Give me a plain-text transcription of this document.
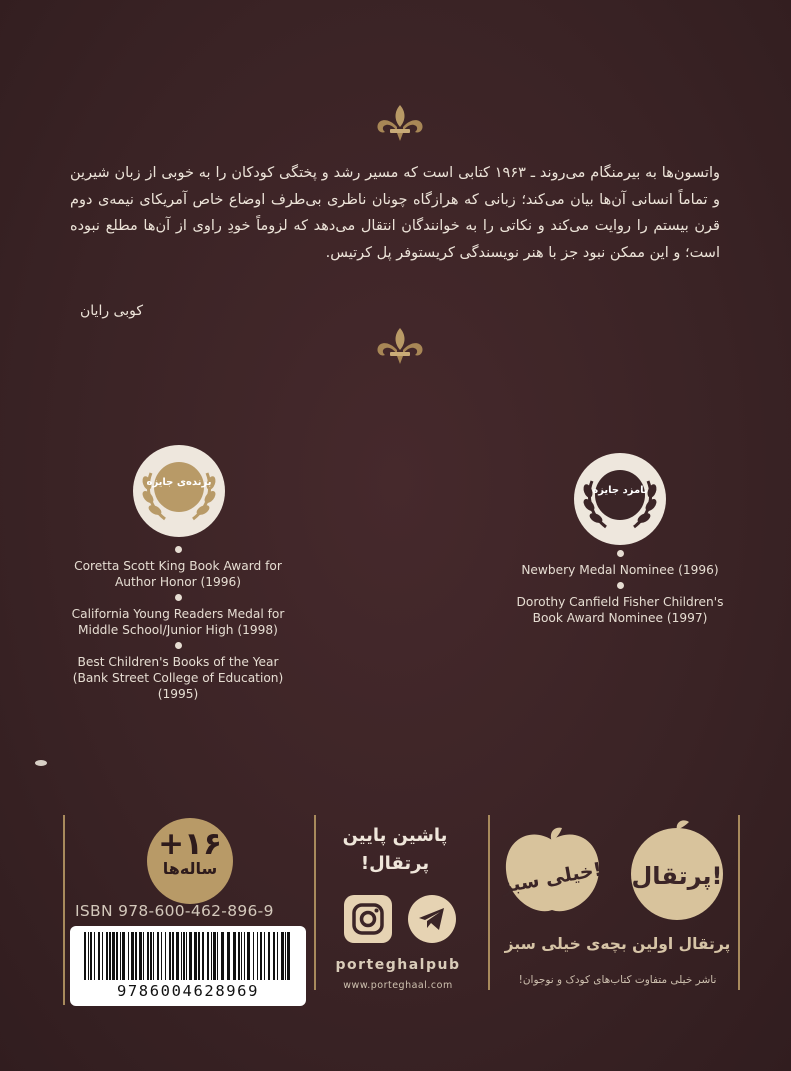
واتسون‌ها به بیرمنگام می‌روند ـ ۱۹۶۳ کتابی است که مسیر رشد و پختگی کودکان را به خوبی از زبان شیرین و تماماً انسانی آن‌ها بیان می‌کند؛ زبانی که هرازگاه چونان ناظری بی‌طرف اوضاع خاص آمریکای نیمه‌ی دوم قرن بیستم را روایت می‌کند و نکاتی را به خوانندگان انتقال می‌دهد که لزوماً خودِ راوی از آن‌ها مطلع نبوده است؛ و این ممکن نبود جز با هنر نویسندگی کریستوفر پل کرتیس.

کوبی رایان
برنده‌ی جایزه
نامزد جایزه
Coretta Scott King Book Award for
Author Honor (1996)
California Young Readers Medal for
Middle School/Junior High (1998)
Best Children's Books of the Year
(Bank Street College of Education)
(1995)
Newbery Medal Nominee (1996)
Dorothy Canfield Fisher Children's
Book Award Nominee (1997)
+۱۶
ساله‌ها
ISBN 978-600-462-896-9
9786004628969
پاشین پایین
پرتقال!
porteghalpub
www.porteghaal.com
خیلی سبز! پرتقال!
پرتقال اولین بچه‌ی خیلی سبز
ناشر خیلی متفاوت کتاب‌های کودک و نوجوان!
